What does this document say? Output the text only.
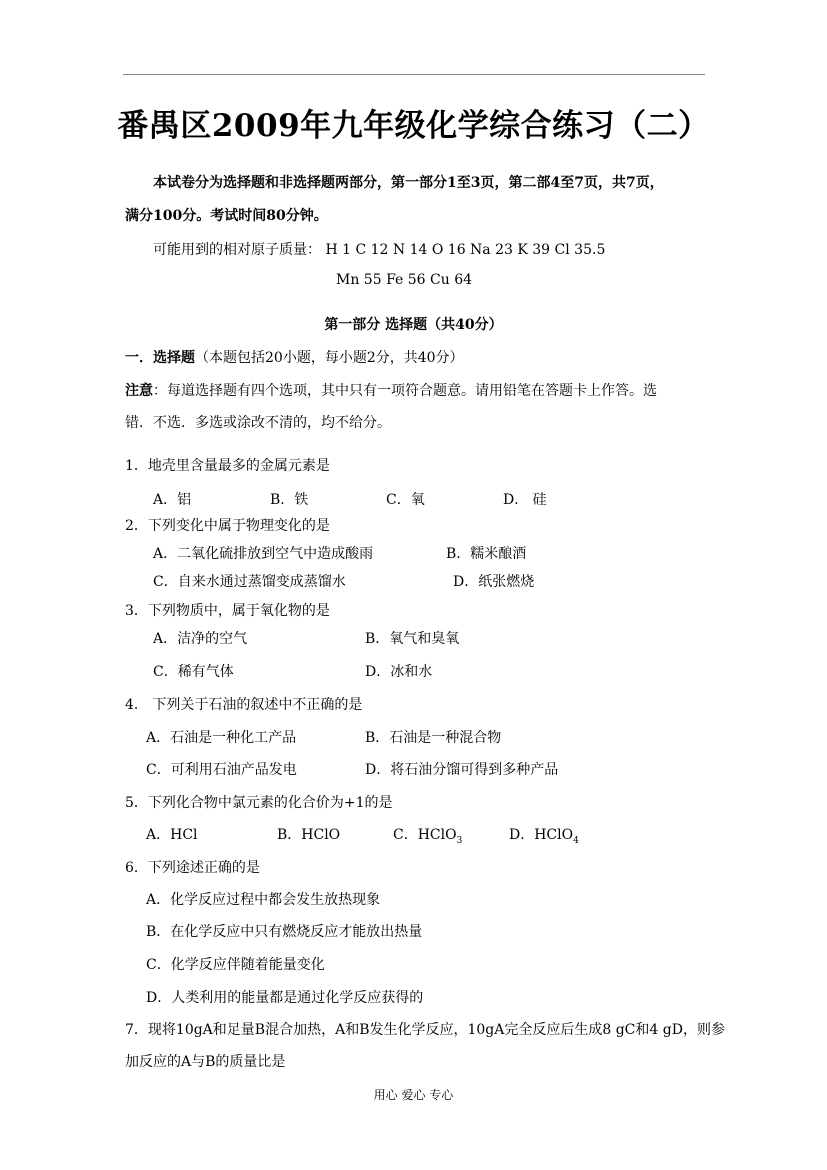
番禺区2009年九年级化学综合练习（二）
本试卷分为选择题和非选择题两部分，第一部分1至3页，第二部4至7页，共7页，
满分100分。考试时间80分钟。
可能用到的相对原子质量： H 1 C 12 N 14 O 16 Na 23 K 39 Cl 35.5
Mn 55 Fe 56 Cu 64
第一部分 选择题（共40分）
一．选择题（本题包括20小题，每小题2分，共40分）
注意：每道选择题有四个选项，其中只有一项符合题意。请用铅笔在答题卡上作答。选
错．不选．多选或涂改不清的，均不给分。
1．地壳里含量最多的金属元素是
A．铝	B．铁	C．氧	D． 硅
2．下列变化中属于物理变化的是
A．二氧化硫排放到空气中造成酸雨	B．糯米酿酒
C．自来水通过蒸馏变成蒸馏水	D．纸张燃烧
3．下列物质中，属于氧化物的是
A．洁净的空气	B．氧气和臭氧
C．稀有气体	D．冰和水
4． 下列关于石油的叙述中不正确的是
A．石油是一种化工产品	B．石油是一种混合物
C．可利用石油产品发电	D．将石油分馏可得到多种产品
5．下列化合物中氯元素的化合价为+1的是
A．HCl	B．HClO	C．HClO$_3$	D．HClO$_4$
6．下列途述正确的是
A．化学反应过程中都会发生放热现象
B．在化学反应中只有燃烧反应才能放出热量
C．化学反应伴随着能量变化
D．人类利用的能量都是通过化学反应获得的
7．现将10gA和足量B混合加热，A和B发生化学反应，10gA完全反应后生成8 gC和4 gD，则参
加反应的A与B的质量比是
用心 爱心 专心
